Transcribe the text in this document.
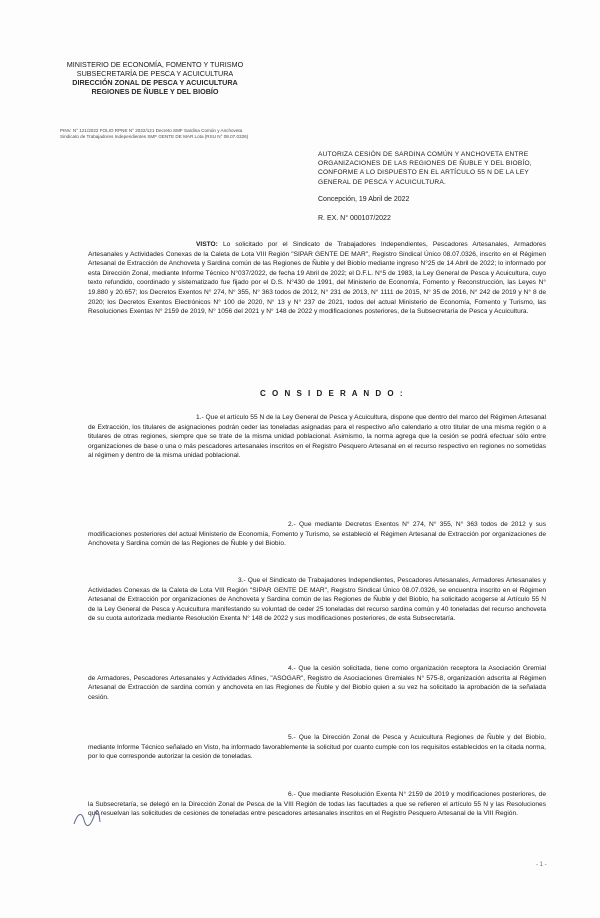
MINISTERIO DE ECONOMÍA, FOMENTO Y TURISMO
SUBSECRETARÍA DE PESCA Y ACUICULTURA
DIRECCIÓN ZONAL DE PESCA Y ACUICULTURA
REGIONES DE ÑUBLE Y DEL BIOBÍO
PINV. N° 121/2022 FOLIO RPNE N° 2022/121 Decreto SMF Sardina Común y Anchoveta
Sindicato de Trabajadores Independientes SMF GENTE DE MAR Lota (RSU N° 08.07.0326)
AUTORIZA CESIÓN DE SARDINA COMÚN Y ANCHOVETA ENTRE ORGANIZACIONES DE LAS REGIONES DE ÑUBLE Y DEL BIOBÍO, CONFORME A LO DISPUESTO EN EL ARTÍCULO 55 N DE LA LEY GENERAL DE PESCA Y ACUICULTURA.
Concepción, 19 Abril de 2022
R. EX. N° 000107/2022
VISTO: Lo solicitado por el Sindicato de Trabajadores Independientes, Pescadores Artesanales, Armadores Artesanales y Actividades Conexas de la Caleta de Lota VIII Región "SIPAR GENTE DE MAR", Registro Sindical Único 08.07.0326, inscrito en el Régimen Artesanal de Extracción de Anchoveta y Sardina común de las Regiones de Ñuble y del Biobío mediante ingreso N°25 de 14 Abril de 2022; lo informado por esta Dirección Zonal, mediante Informe Técnico N°037/2022, de fecha 19 Abril de 2022; el D.F.L. N°5 de 1983, la Ley General de Pesca y Acuicultura, cuyo texto refundido, coordinado y sistematizado fue fijado por el D.S. N°430 de 1991, del Ministerio de Economía, Fomento y Reconstrucción, las Leyes N° 19.880 y 20.657; los Decretos Exentos N° 274, N° 355, N° 363 todos de 2012, N° 231 de 2013, N° 1111 de 2015, N° 35 de 2016, N° 242 de 2019 y N° 8 de 2020; los Decretos Exentos Electrónicos N° 100 de 2020, N° 13 y N° 237 de 2021, todos del actual Ministerio de Economía, Fomento y Turismo, las Resoluciones Exentas N° 2159 de 2019, N° 1056 del 2021 y N° 148 de 2022 y modificaciones posteriores, de la Subsecretaría de Pesca y Acuicultura.
C O N S I D E R A N D O :
1.- Que el artículo 55 N de la Ley General de Pesca y Acuicultura, dispone que dentro del marco del Régimen Artesanal de Extracción, los titulares de asignaciones podrán ceder las toneladas asignadas para el respectivo año calendario a otro titular de una misma región o a titulares de otras regiones, siempre que se trate de la misma unidad poblacional. Asimismo, la norma agrega que la cesión se podrá efectuar sólo entre organizaciones de base o una o más pescadores artesanales inscritos en el Registro Pesquero Artesanal en el recurso respectivo en regiones no sometidas al régimen y dentro de la misma unidad poblacional.
2.- Que mediante Decretos Exentos N° 274, N° 355, N° 363 todos de 2012 y sus modificaciones posteriores del actual Ministerio de Economía, Fomento y Turismo, se estableció el Régimen Artesanal de Extracción por organizaciones de Anchoveta y Sardina común de las Regiones de Ñuble y del Biobío.
3.- Que el Sindicato de Trabajadores Independientes, Pescadores Artesanales, Armadores Artesanales y Actividades Conexas de la Caleta de Lota VIII Región "SIPAR GENTE DE MAR", Registro Sindical Único 08.07.0326, se encuentra inscrito en el Régimen Artesanal de Extracción por organizaciones de Anchoveta y Sardina común de las Regiones de Ñuble y del Biobío, ha solicitado acogerse al Artículo 55 N de la Ley General de Pesca y Acuicultura manifestando su voluntad de ceder 25 toneladas del recurso sardina común y 40 toneladas del recurso anchoveta de su cuota autorizada mediante Resolución Exenta N° 148 de 2022 y sus modificaciones posteriores, de esta Subsecretaría.
4.- Que la cesión solicitada, tiene como organización receptora la Asociación Gremial de Armadores, Pescadores Artesanales y Actividades Afines, "ASOGAR", Registro de Asociaciones Gremiales N° 575-8, organización adscrita al Régimen Artesanal de Extracción de sardina común y anchoveta en las Regiones de Ñuble y del Biobío quien a su vez ha solicitado la aprobación de la señalada cesión.
5.- Que la Dirección Zonal de Pesca y Acuicultura Regiones de Ñuble y del Biobío, mediante Informe Técnico señalado en Visto, ha informado favorablemente la solicitud por cuanto cumple con los requisitos establecidos en la citada norma, por lo que corresponde autorizar la cesión de toneladas.
6.- Que mediante Resolución Exenta N° 2159 de 2019 y modificaciones posteriores, de la Subsecretaría, se delegó en la Dirección Zonal de Pesca de la VIII Región de todas las facultades a que se refieren el artículo 55 N y las Resoluciones que resuelvan las solicitudes de cesiones de toneladas entre pescadores artesanales inscritos en el Registro Pesquero Artesanal de la VIII Región.
- 1 -
